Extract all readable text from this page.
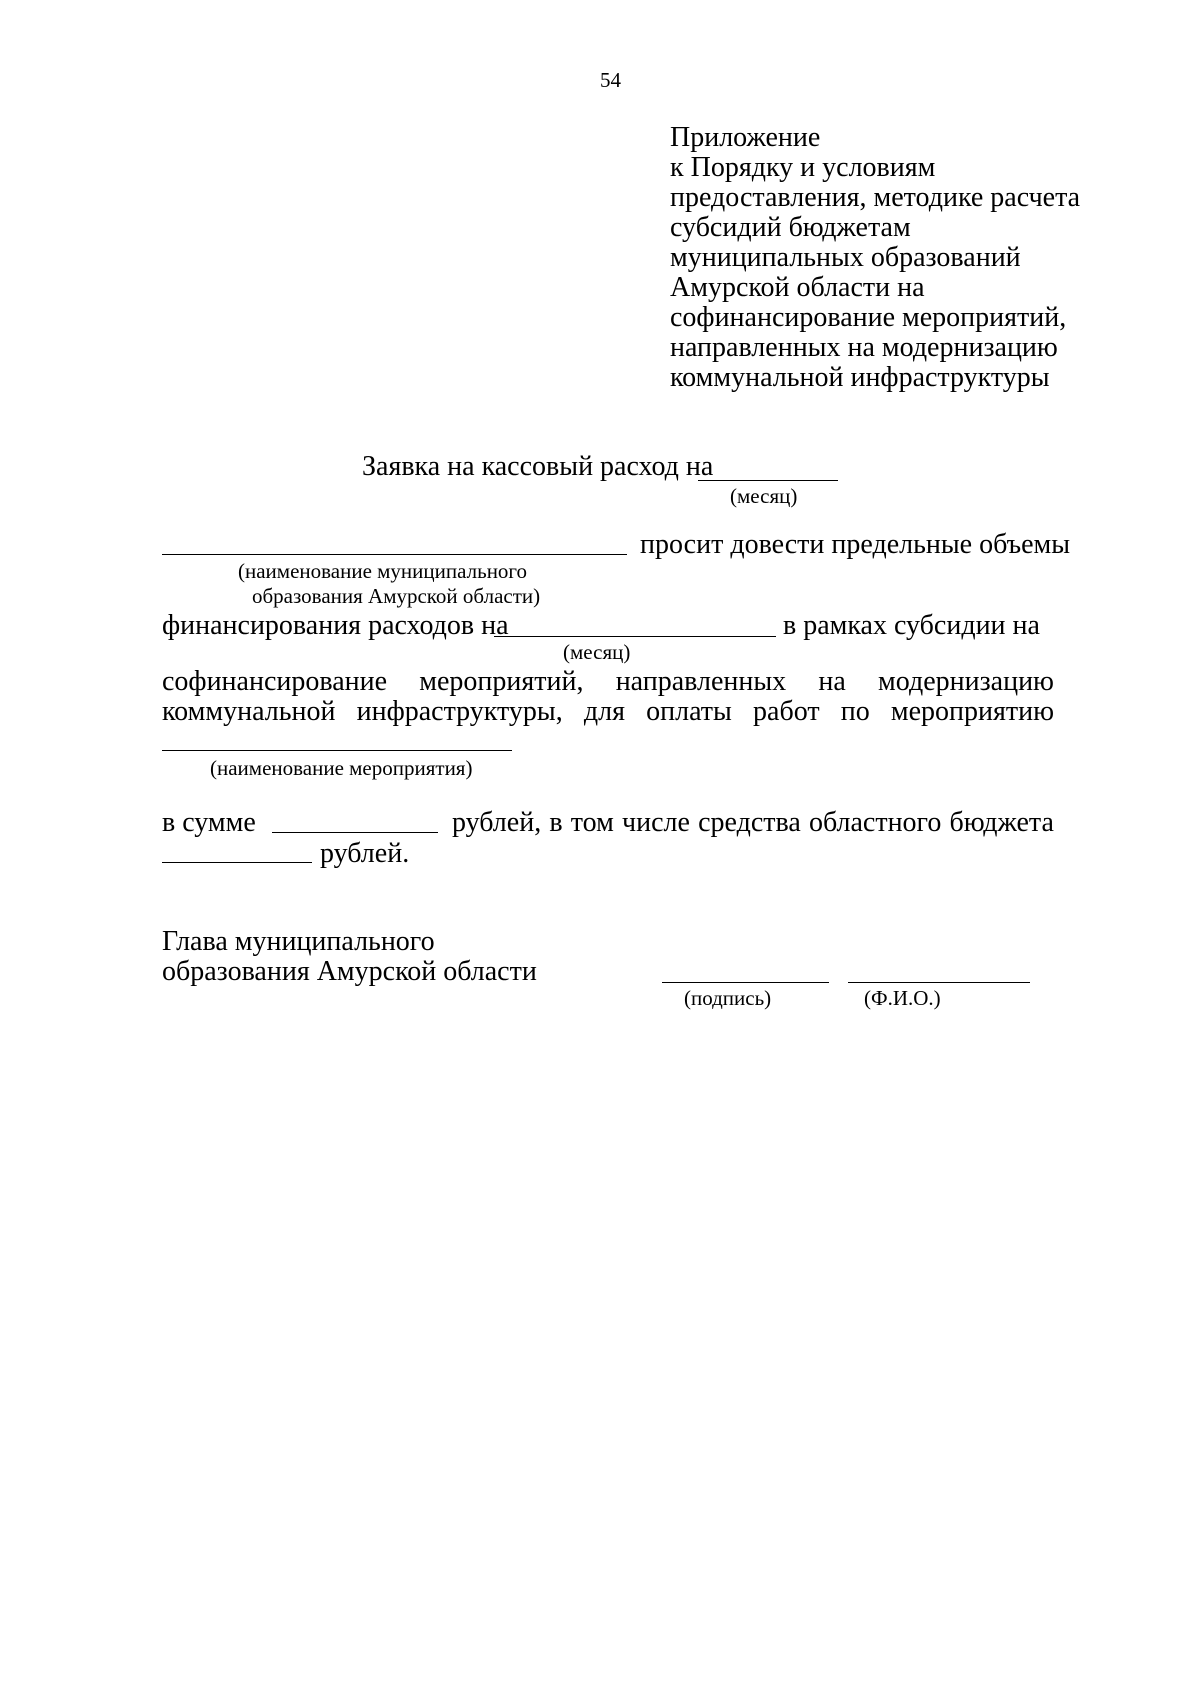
54
Приложение
к Порядку и условиям
предоставления, методике расчета
субсидий бюджетам
муниципальных образований
Амурской области на
софинансирование мероприятий,
направленных на модернизацию
коммунальной инфраструктуры
Заявка на кассовый расход на
(месяц)
просит довести предельные объемы
(наименование муниципального
образования Амурской области)
финансирования расходов на	в рамках субсидии на
(месяц)
софинансирование мероприятий, направленных на модернизацию
коммунальной инфраструктуры, для оплаты работ по мероприятию
(наименование мероприятия)
в сумме	рублей, в том числе средства областного бюджета
рублей.
Глава муниципального
образования Амурской области
(подпись)	(Ф.И.О.)
